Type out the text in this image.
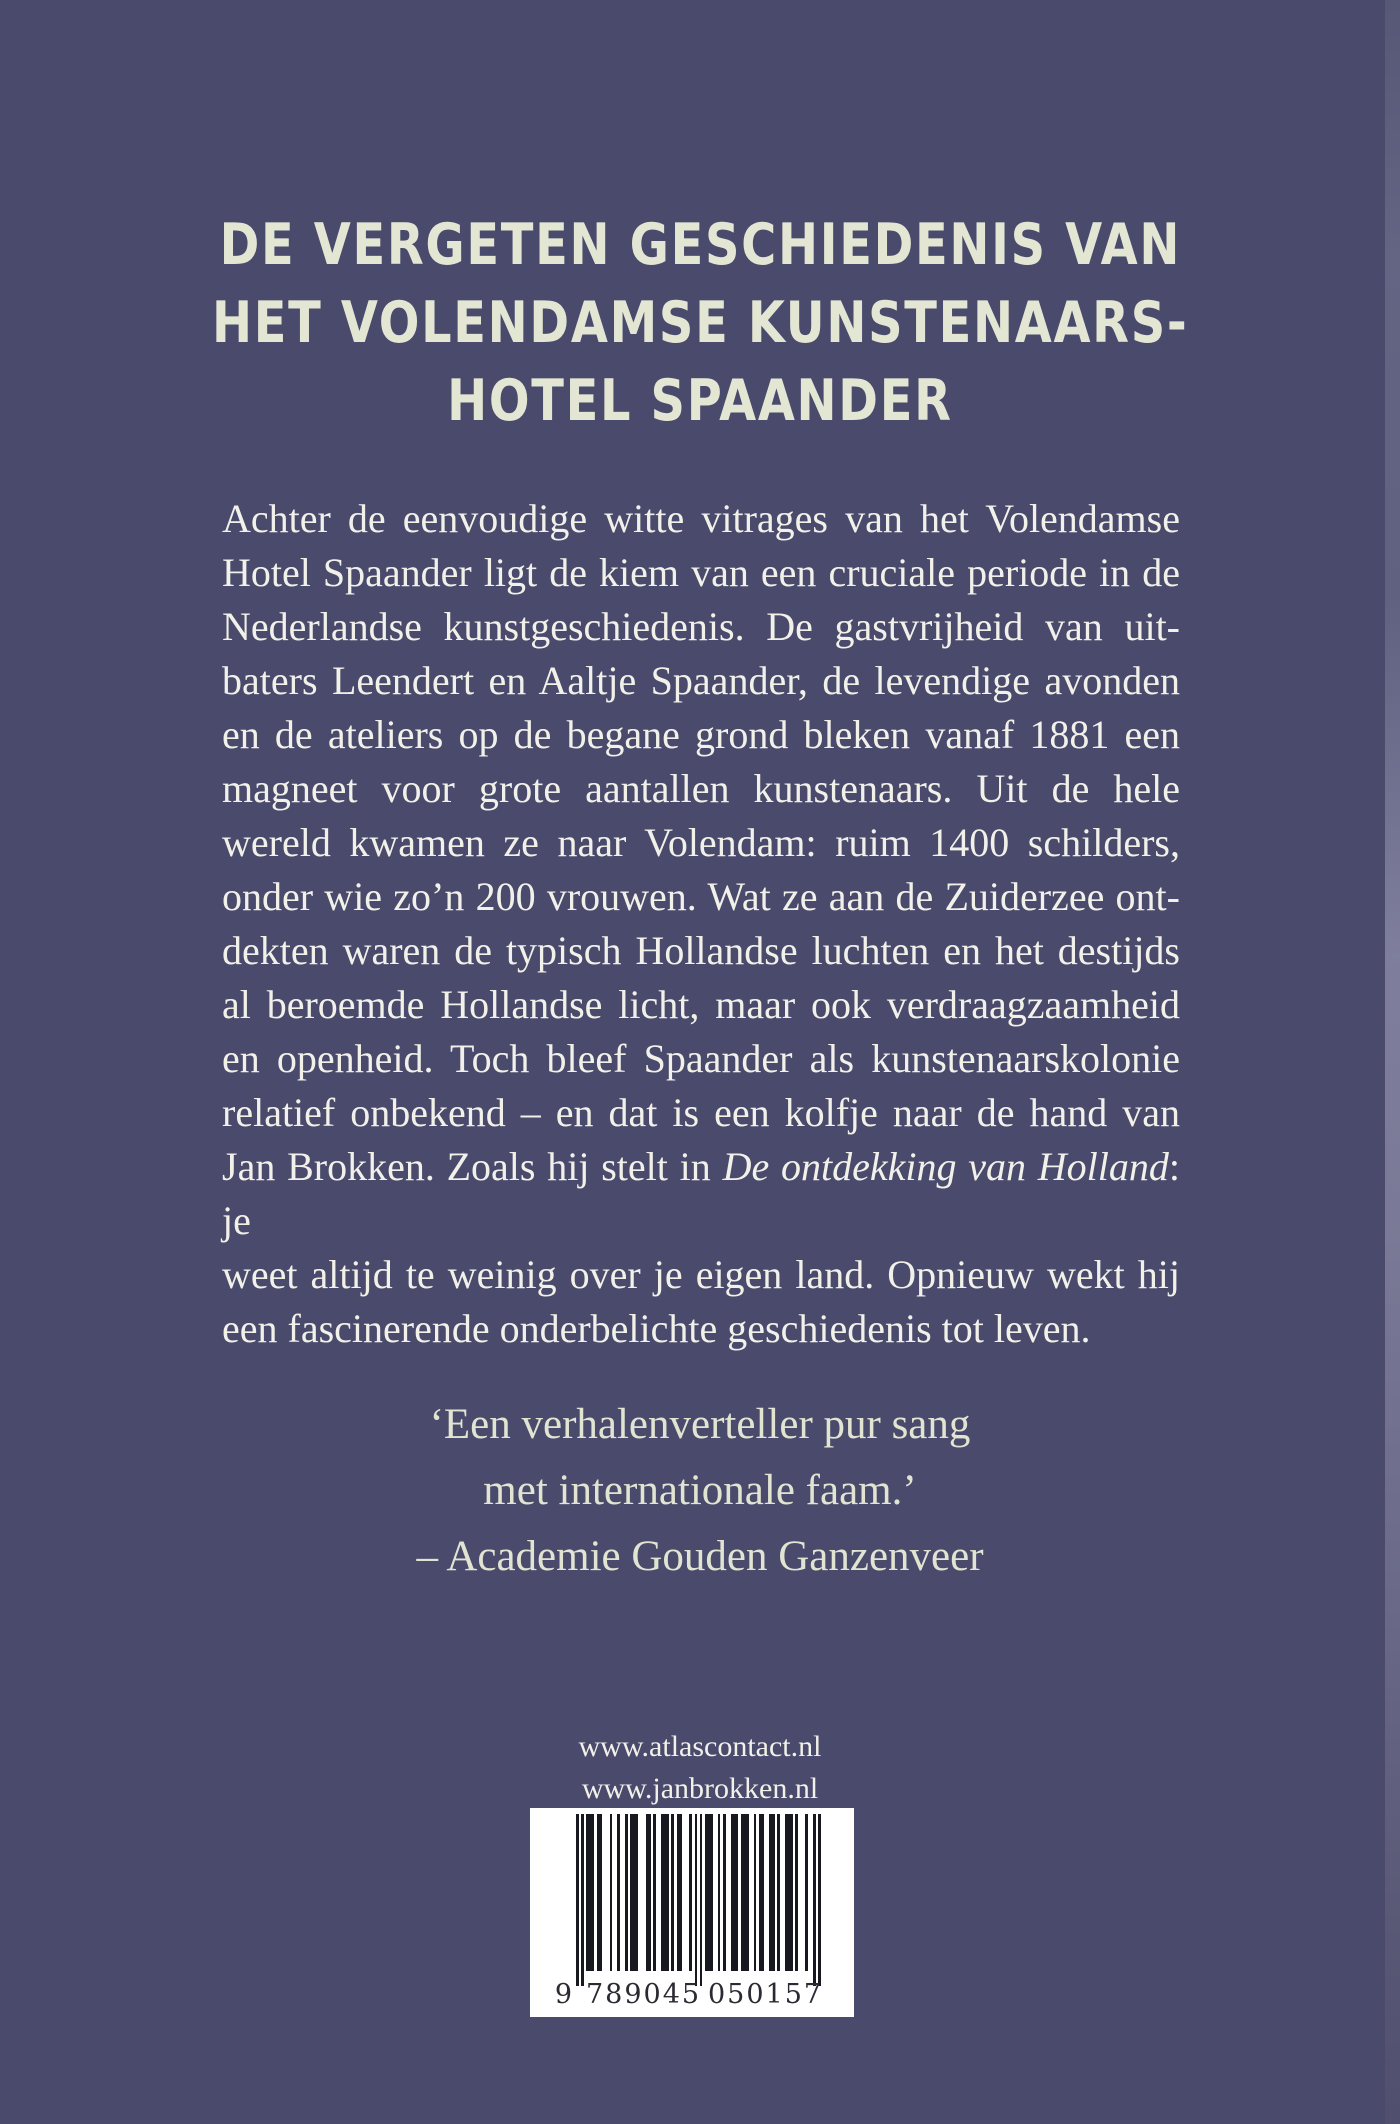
DE VERGETEN GESCHIEDENIS VAN
HET VOLENDAMSE KUNSTENAARS-
HOTEL SPAANDER
Achter de eenvoudige witte vitrages van het Volendamse
Hotel Spaander ligt de kiem van een cruciale periode in de
Nederlandse kunstgeschiedenis. De gastvrijheid van uit-
baters Leendert en Aaltje Spaander, de levendige avonden
en de ateliers op de begane grond bleken vanaf 1881 een
magneet voor grote aantallen kunstenaars. Uit de hele
wereld kwamen ze naar Volendam: ruim 1400 schilders,
onder wie zo’n 200 vrouwen. Wat ze aan de Zuiderzee ont-
dekten waren de typisch Hollandse luchten en het destijds
al beroemde Hollandse licht, maar ook verdraagzaamheid
en openheid. Toch bleef Spaander als kunstenaarskolonie
relatief onbekend – en dat is een kolfje naar de hand van
Jan Brokken. Zoals hij stelt in De ontdekking van Holland: je
weet altijd te weinig over je eigen land. Opnieuw wekt hij
een fascinerende onderbelichte geschiedenis tot leven.
‘Een verhalenverteller pur sang
met internationale faam.’
– Academie Gouden Ganzenveer
www.atlascontact.nl
www.janbrokken.nl
9 789045 050157
